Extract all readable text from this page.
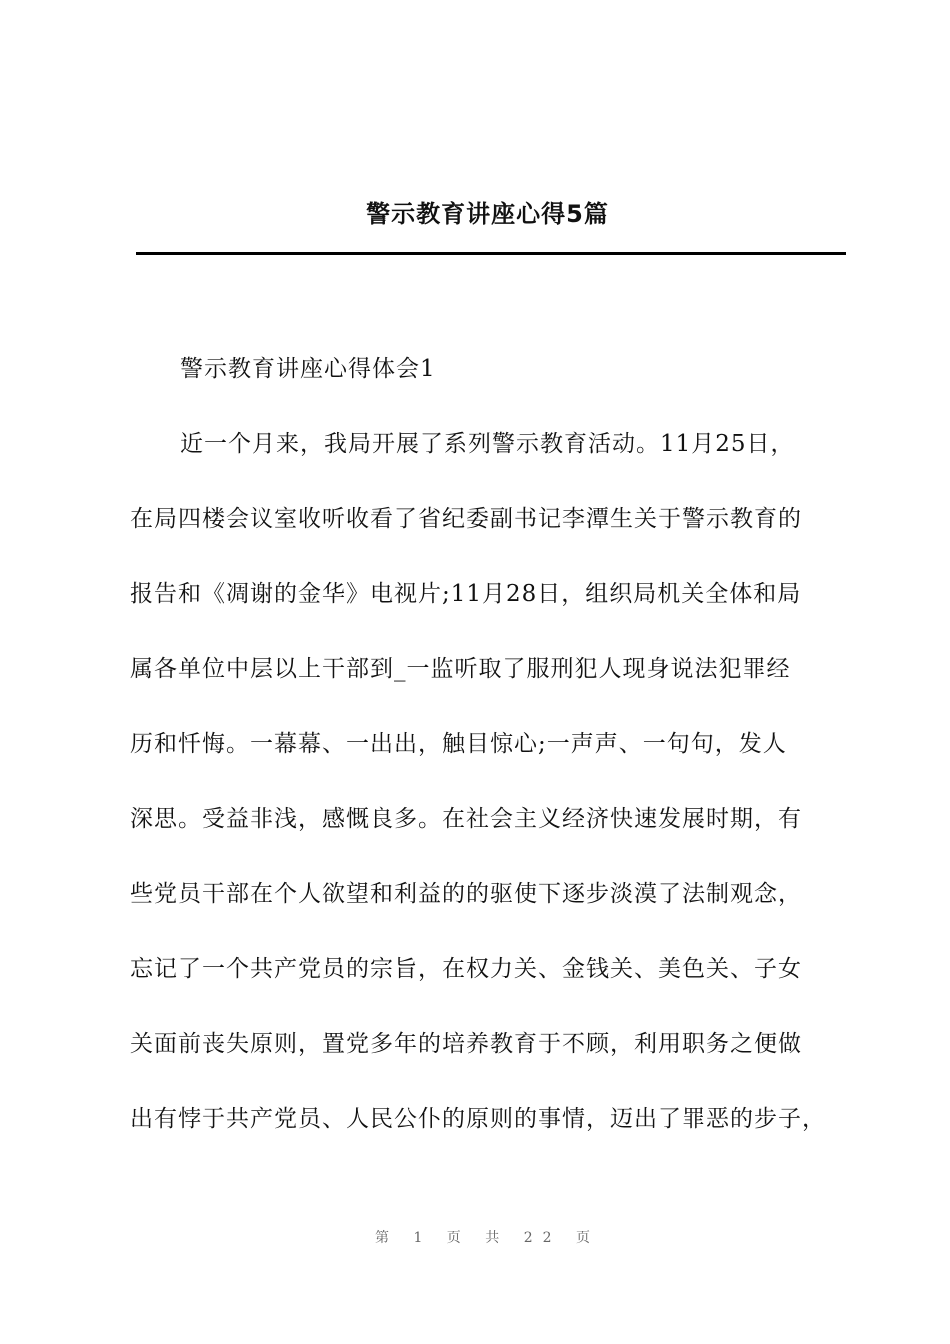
警示教育讲座心得5篇

警示教育讲座心得体会1

近一个月来，我局开展了系列警示教育活动。11月25日，

在局四楼会议室收听收看了省纪委副书记李潭生关于警示教育的

报告和《凋谢的金华》电视片;11月28日，组织局机关全体和局

属各单位中层以上干部到_一监听取了服刑犯人现身说法犯罪经

历和忏悔。一幕幕、一出出，触目惊心;一声声、一句句，发人

深思。受益非浅，感慨良多。在社会主义经济快速发展时期，有

些党员干部在个人欲望和利益的的驱使下逐步淡漠了法制观念，

忘记了一个共产党员的宗旨，在权力关、金钱关、美色关、子女

关面前丧失原则，置党多年的培养教育于不顾，利用职务之便做

出有悖于共产党员、人民公仆的原则的事情，迈出了罪恶的步子，

第 1 页 共 22 页
